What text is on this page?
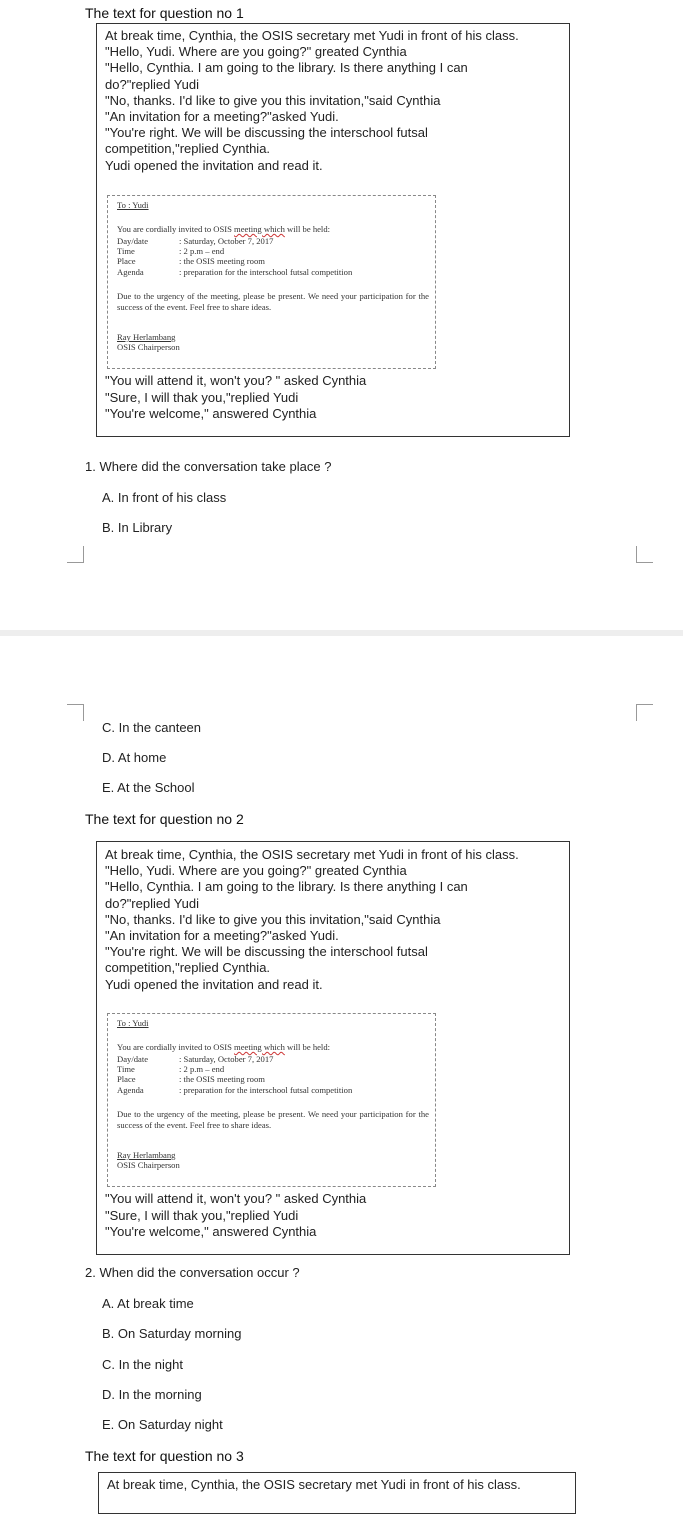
The text for question no 1
At break time, Cynthia, the OSIS secretary met Yudi in front of his class.
"Hello, Yudi. Where are you going?" greated Cynthia
"Hello, Cynthia. I am going to the library. Is there anything I can
do?"replied Yudi
"No, thanks. I'd like to give you this invitation,"said Cynthia
"An invitation for a meeting?"asked Yudi.
"You're right. We will be discussing the interschool futsal
competition,"replied Cynthia.
Yudi opened the invitation and read it.
To : Yudi
You are cordially invited to OSIS meeting which will be held:
Day/date	: Saturday, October 7, 2017
Time	: 2 p.m – end
Place	: the OSIS meeting room
Agenda	: preparation for the interschool futsal competition
Due to the urgency of the meeting, please be present. We need your participation for the success of the event. Feel free to share ideas.
Ray Herlambang
OSIS Chairperson
"You will attend it, won't you? " asked Cynthia
"Sure, I will thak you,"replied Yudi
"You're welcome," answered Cynthia
1. Where did the conversation take place ?
A. In front of his class
B. In Library
C. In the canteen
D. At home
E. At the School
The text for question no 2
At break time, Cynthia, the OSIS secretary met Yudi in front of his class.
"Hello, Yudi. Where are you going?" greated Cynthia
"Hello, Cynthia. I am going to the library. Is there anything I can
do?"replied Yudi
"No, thanks. I'd like to give you this invitation,"said Cynthia
"An invitation for a meeting?"asked Yudi.
"You're right. We will be discussing the interschool futsal
competition,"replied Cynthia.
Yudi opened the invitation and read it.
To : Yudi
You are cordially invited to OSIS meeting which will be held:
Day/date	: Saturday, October 7, 2017
Time	: 2 p.m – end
Place	: the OSIS meeting room
Agenda	: preparation for the interschool futsal competition
Due to the urgency of the meeting, please be present. We need your participation for the success of the event. Feel free to share ideas.
Ray Herlambang
OSIS Chairperson
"You will attend it, won't you? " asked Cynthia
"Sure, I will thak you,"replied Yudi
"You're welcome," answered Cynthia
2. When did the conversation occur ?
A. At break time
B. On Saturday morning
C. In the night
D. In the morning
E. On Saturday night
The text for question no 3
At break time, Cynthia, the OSIS secretary met Yudi in front of his class.
